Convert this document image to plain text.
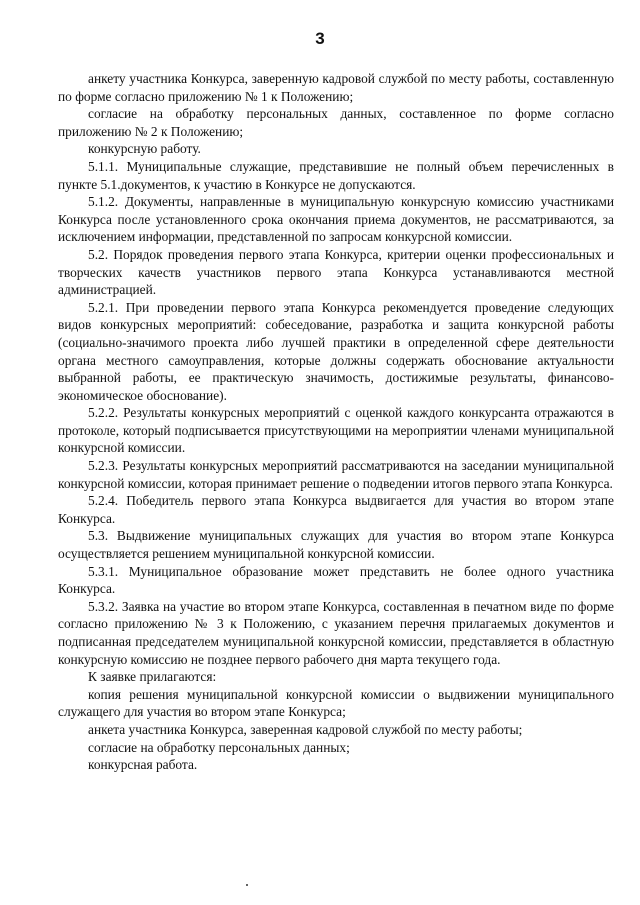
3

анкету участника Конкурса, заверенную кадровой службой по месту работы, составленную по форме согласно приложению № 1 к Положению;

согласие на обработку персональных данных, составленное по форме согласно приложению № 2 к Положению;

конкурсную работу.

5.1.1. Муниципальные служащие, представившие не полный объем перечисленных в пункте 5.1.документов, к участию в Конкурсе не допускаются.

5.1.2. Документы, направленные в муниципальную конкурсную комиссию участниками Конкурса после установленного срока окончания приема документов, не рассматриваются, за исключением информации, представленной по запросам конкурсной комиссии.

5.2. Порядок проведения первого этапа Конкурса, критерии оценки профессиональных и творческих качеств участников первого этапа Конкурса устанавливаются местной администрацией.

5.2.1. При проведении первого этапа Конкурса рекомендуется проведение следующих видов конкурсных мероприятий: собеседование, разработка и защита конкурсной работы (социально-значимого проекта либо лучшей практики в определенной сфере деятельности органа местного самоуправления, которые должны содержать обоснование актуальности выбранной работы, ее практическую значимость, достижимые результаты, финансово-экономическое обоснование).

5.2.2. Результаты конкурсных мероприятий с оценкой каждого конкурсанта отражаются в протоколе, который подписывается присутствующими на мероприятии членами муниципальной конкурсной комиссии.

5.2.3. Результаты конкурсных мероприятий рассматриваются на заседании муниципальной конкурсной комиссии, которая принимает решение о подведении итогов первого этапа Конкурса.

5.2.4. Победитель первого этапа Конкурса выдвигается для участия во втором этапе Конкурса.

5.3. Выдвижение муниципальных служащих для участия во втором этапе Конкурса осуществляется решением муниципальной конкурсной комиссии.

5.3.1. Муниципальное образование может представить не более одного участника Конкурса.

5.3.2. Заявка на участие во втором этапе Конкурса, составленная в печатном виде по форме согласно приложению № 3 к Положению, с указанием перечня прилагаемых документов и подписанная председателем муниципальной конкурсной комиссии, представляется в областную конкурсную комиссию не позднее первого рабочего дня марта текущего года.

К заявке прилагаются:

копия решения муниципальной конкурсной комиссии о выдвижении муниципального служащего для участия во втором этапе Конкурса;

анкета участника Конкурса, заверенная кадровой службой по месту работы;

согласие на обработку персональных данных;

конкурсная работа.
